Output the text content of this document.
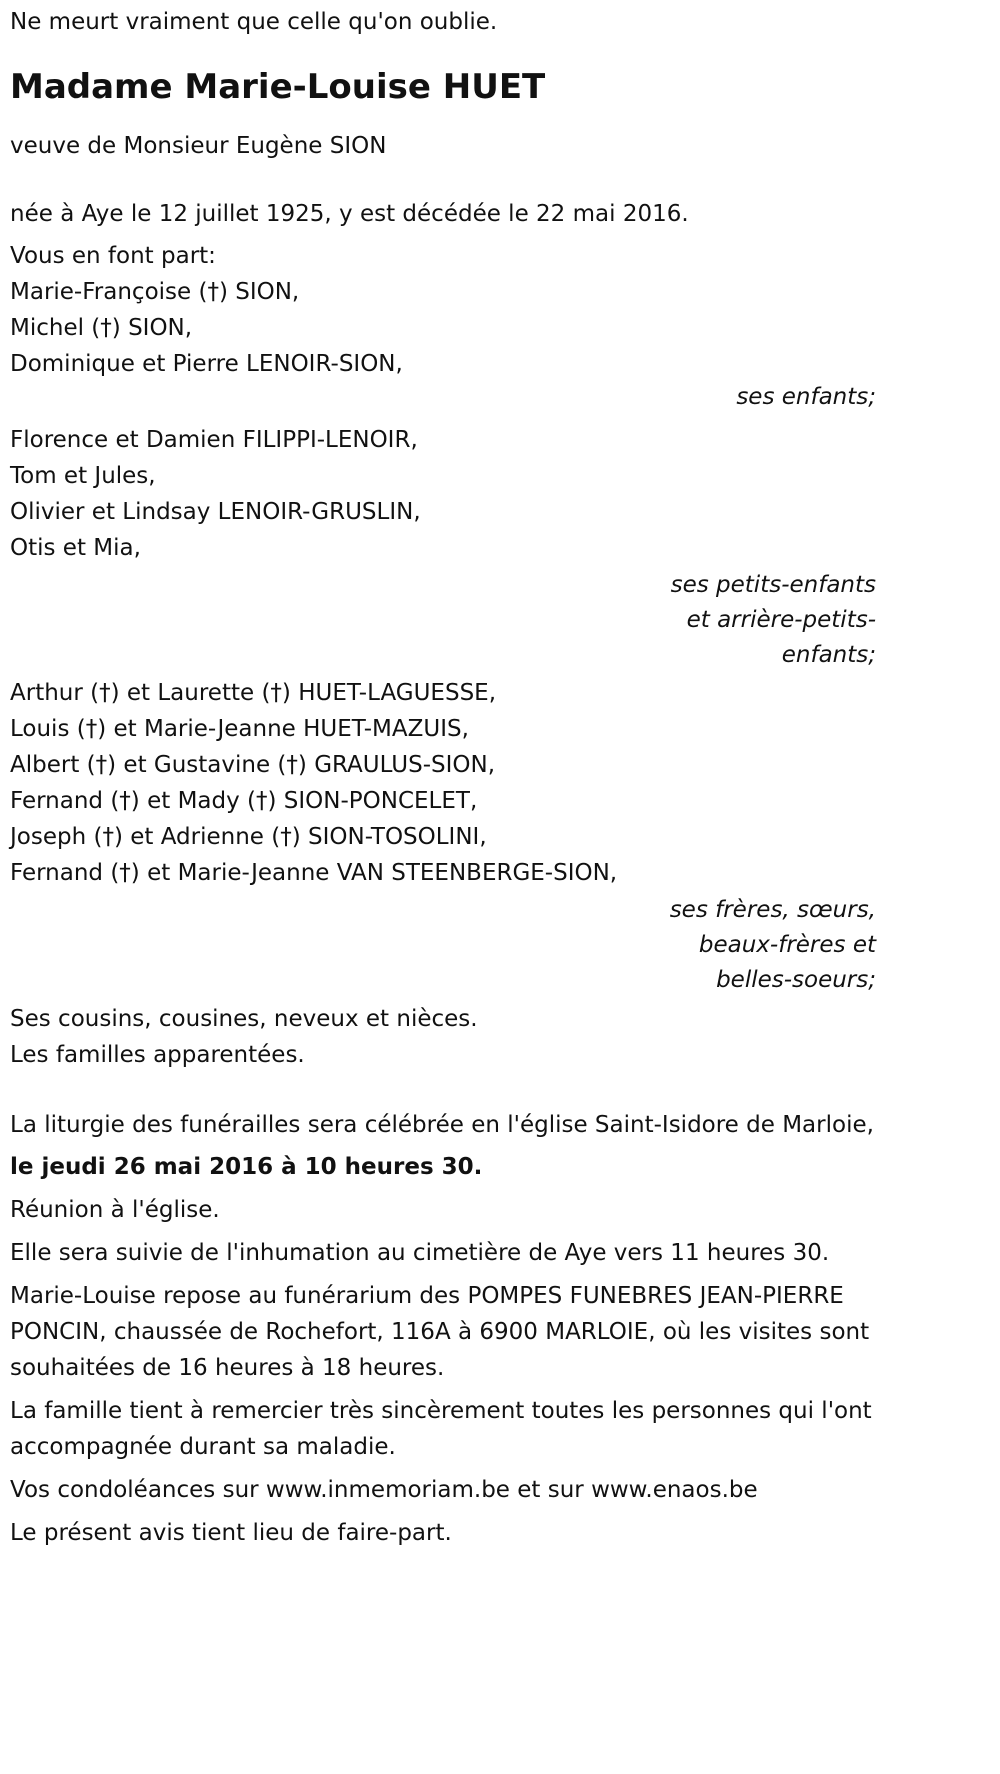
Ne meurt vraiment que celle qu'on oublie.

Madame Marie-Louise HUET

veuve de Monsieur Eugène SION

née à Aye le 12 juillet 1925, y est décédée le 22 mai 2016.

Vous en font part:

Marie-Françoise (†) SION,

Michel (†) SION,

Dominique et Pierre LENOIR-SION,

ses enfants;

Florence et Damien FILIPPI-LENOIR,

Tom et Jules,

Olivier et Lindsay LENOIR-GRUSLIN,

Otis et Mia,

ses petits-enfants
et arrière-petits-
enfants;

Arthur (†) et Laurette (†) HUET-LAGUESSE,

Louis (†) et Marie-Jeanne HUET-MAZUIS,

Albert (†) et Gustavine (†) GRAULUS-SION,

Fernand (†) et Mady (†) SION-PONCELET,

Joseph (†) et Adrienne (†) SION-TOSOLINI,

Fernand (†) et Marie-Jeanne VAN STEENBERGE-SION,

ses frères, sœurs,
beaux-frères et
belles-soeurs;

Ses cousins, cousines, neveux et nièces.

Les familles apparentées.

La liturgie des funérailles sera célébrée en l'église Saint-Isidore de Marloie,

le jeudi 26 mai 2016 à 10 heures 30.

Réunion à l'église.

Elle sera suivie de l'inhumation au cimetière de Aye vers 11 heures 30.

Marie-Louise repose au funérarium des POMPES FUNEBRES JEAN-PIERRE PONCIN, chaussée de Rochefort, 116A à 6900 MARLOIE, où les visites sont souhaitées de 16 heures à 18 heures.

La famille tient à remercier très sincèrement toutes les personnes qui l'ont accompagnée durant sa maladie.

Vos condoléances sur www.inmemoriam.be et sur www.enaos.be

Le présent avis tient lieu de faire-part.
